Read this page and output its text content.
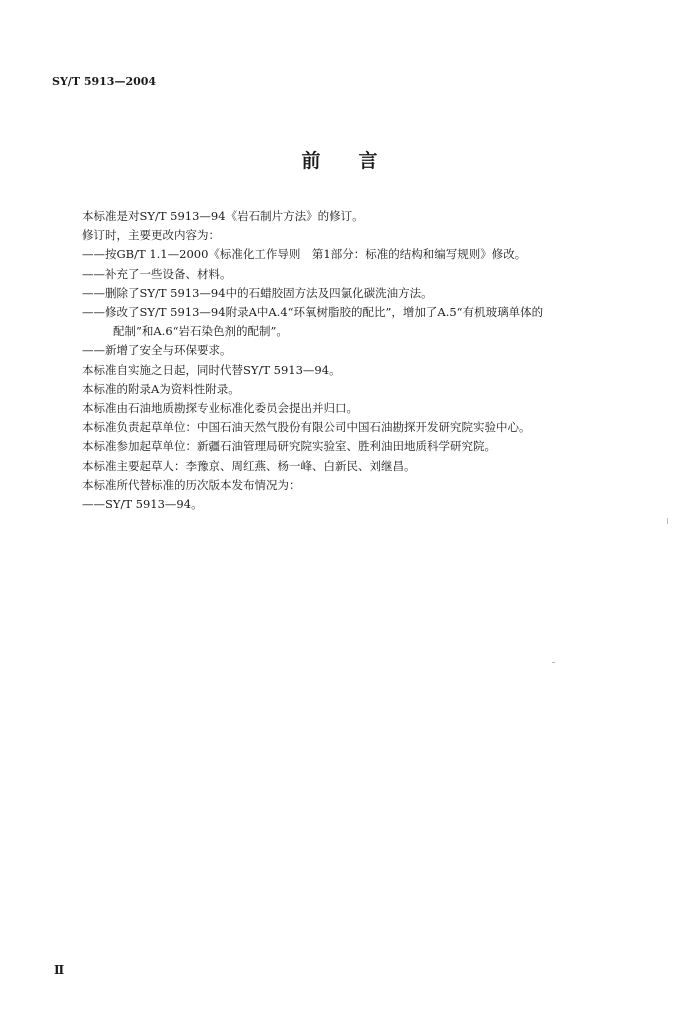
SY/T 5913—2004
前言

本标准是对SY/T 5913—94《岩石制片方法》的修订。

修订时，主要更改内容为：

——按GB/T 1.1—2000《标准化工作导则　第1部分：标准的结构和编写规则》修改。

——补充了一些设备、材料。

——删除了SY/T 5913—94中的石蜡胶固方法及四氯化碳洗油方法。

——修改了SY/T 5913—94附录A中A.4“环氧树脂胶的配比”，增加了A.5“有机玻璃单体的

配制”和A.6“岩石染色剂的配制”。

——新增了安全与环保要求。

本标准自实施之日起，同时代替SY/T 5913—94。

本标准的附录A为资料性附录。

本标准由石油地质勘探专业标准化委员会提出并归口。

本标准负责起草单位：中国石油天然气股份有限公司中国石油勘探开发研究院实验中心。

本标准参加起草单位：新疆石油管理局研究院实验室、胜利油田地质科学研究院。

本标准主要起草人：李豫京、周红燕、杨一峰、白新民、刘继昌。

本标准所代替标准的历次版本发布情况为：

——SY/T 5913—94。

Ⅱ
